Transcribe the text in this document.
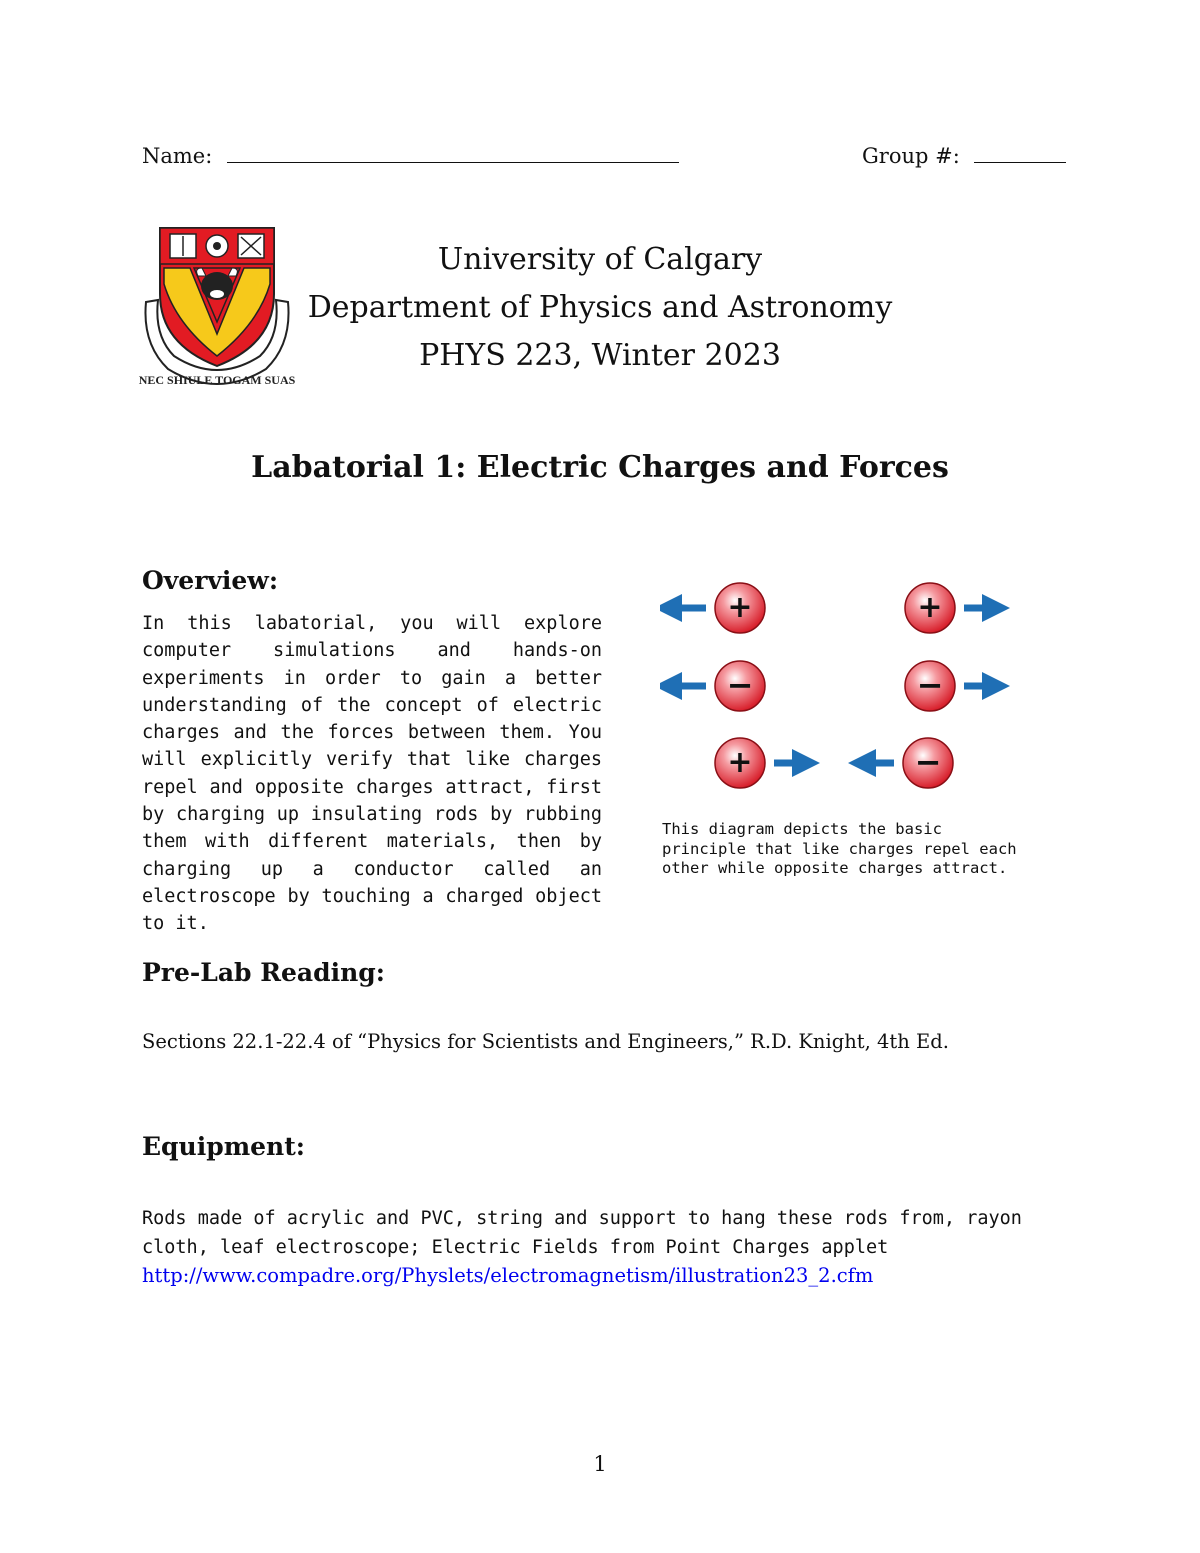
Name:	Group #:
NEC SHIULE TOGAM SUAS
University of Calgary
Department of Physics and Astronomy
PHYS 223, Winter 2023
Labatorial 1: Electric Charges and Forces
Overview:
In this labatorial, you will explore computer simulations and hands-on experiments in order to gain a better understanding of the concept of electric charges and the forces between them. You will explicitly verify that like charges repel and opposite charges attract, first by charging up insulating rods by rubbing them with different materials, then by charging up a conductor called an electroscope by touching a charged object to it.
+	+
−	−
+	−
This diagram depicts the basic principle that like charges repel each other while opposite charges attract.
Pre-Lab Reading:
Sections 22.1-22.4 of “Physics for Scientists and Engineers,” R.D. Knight, 4th Ed.
Equipment:
Rods made of acrylic and PVC, string and support to hang these rods from, rayon cloth, leaf electroscope; Electric Fields from Point Charges applet
http://www.compadre.org/Physlets/electromagnetism/illustration23_2.cfm
1
